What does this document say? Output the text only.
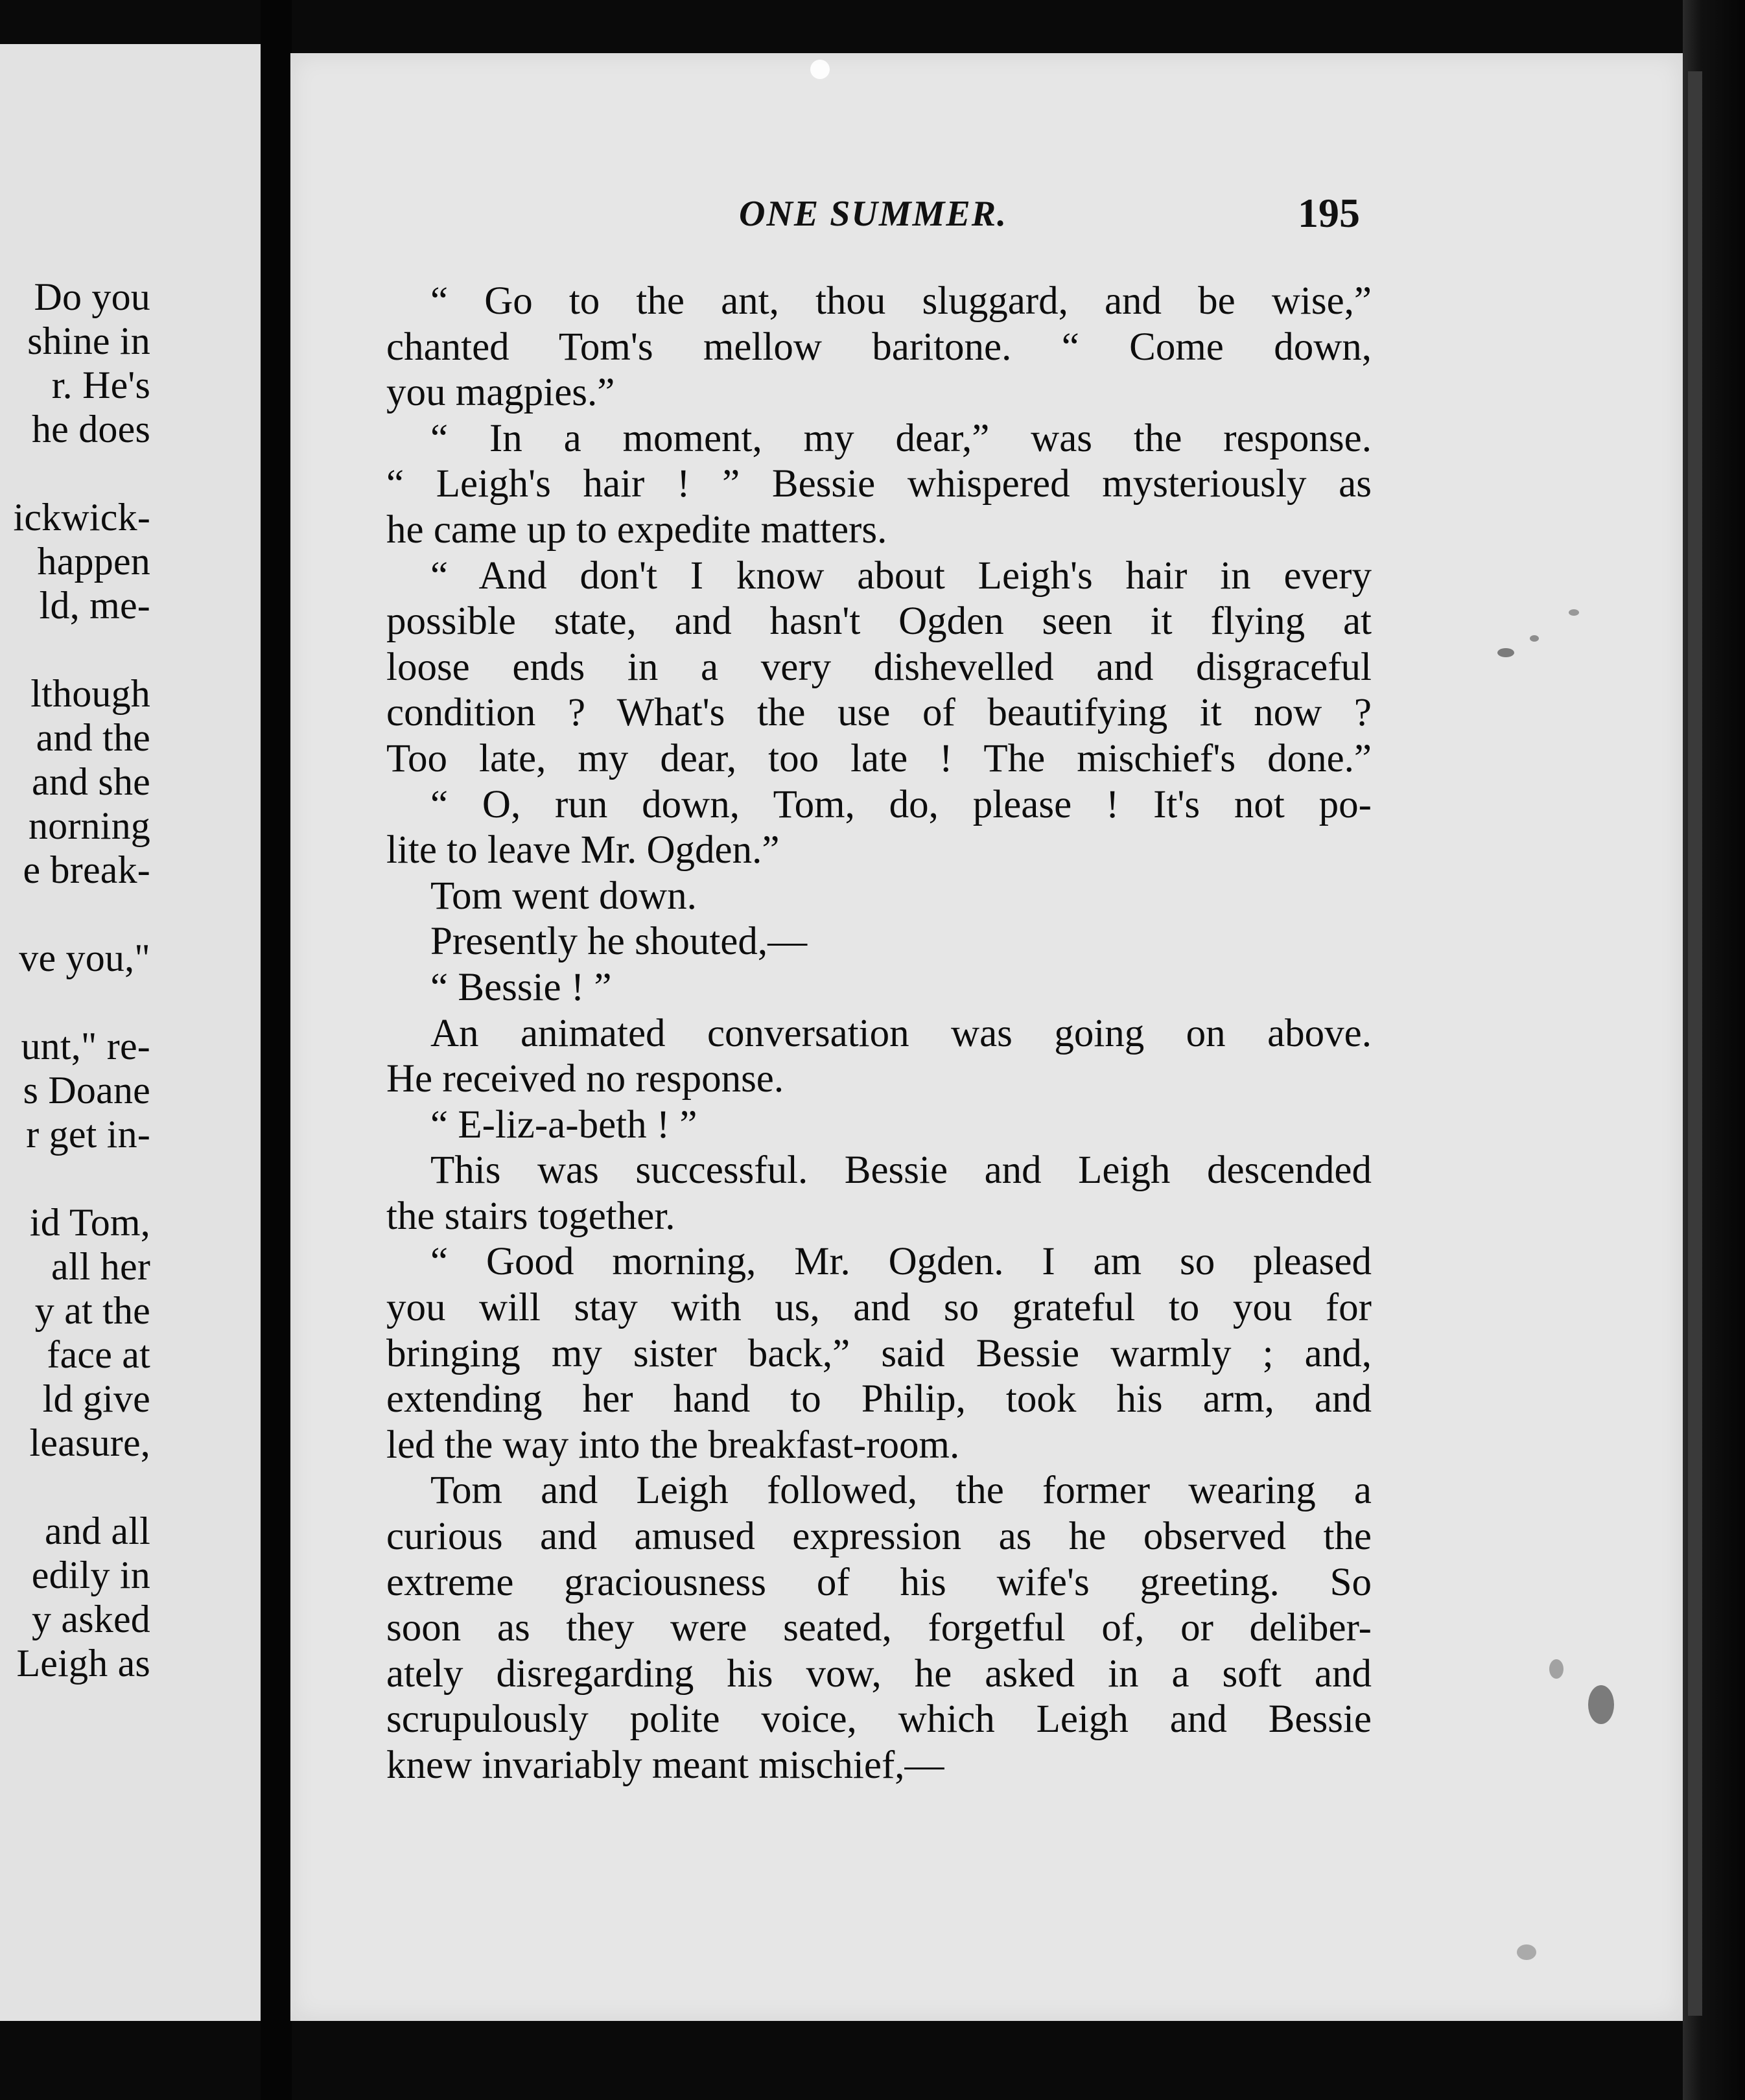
Do you
shine in
r. He's
he does
ickwick-
happen
ld, me-
lthough
and the
and she
norning
e break-
ve you,"
unt," re-
s Doane
r get in-
id Tom,
all her
y at the
face at
ld give
leasure,
and all
edily in
y asked
Leigh as
ONE SUMMER.	195
“ Go to the ant, thou sluggard, and be wise,”
chanted Tom's mellow baritone. “ Come down,
you magpies.”
“ In a moment, my dear,” was the response.
“ Leigh's hair ! ” Bessie whispered mysteriously as
he came up to expedite matters.
“ And don't I know about Leigh's hair in every
possible state, and hasn't Ogden seen it flying at
loose ends in a very dishevelled and disgraceful
condition ? What's the use of beautifying it now ?
Too late, my dear, too late ! The mischief's done.”
“ O, run down, Tom, do, please ! It's not po-
lite to leave Mr. Ogden.”
Tom went down.
Presently he shouted,—
“ Bessie ! ”
An animated conversation was going on above.
He received no response.
“ E-liz-a-beth ! ”
This was successful. Bessie and Leigh descended
the stairs together.
“ Good morning, Mr. Ogden. I am so pleased
you will stay with us, and so grateful to you for
bringing my sister back,” said Bessie warmly ; and,
extending her hand to Philip, took his arm, and
led the way into the breakfast-room.
Tom and Leigh followed, the former wearing a
curious and amused expression as he observed the
extreme graciousness of his wife's greeting. So
soon as they were seated, forgetful of, or deliber-
ately disregarding his vow, he asked in a soft and
scrupulously polite voice, which Leigh and Bessie
knew invariably meant mischief,—
